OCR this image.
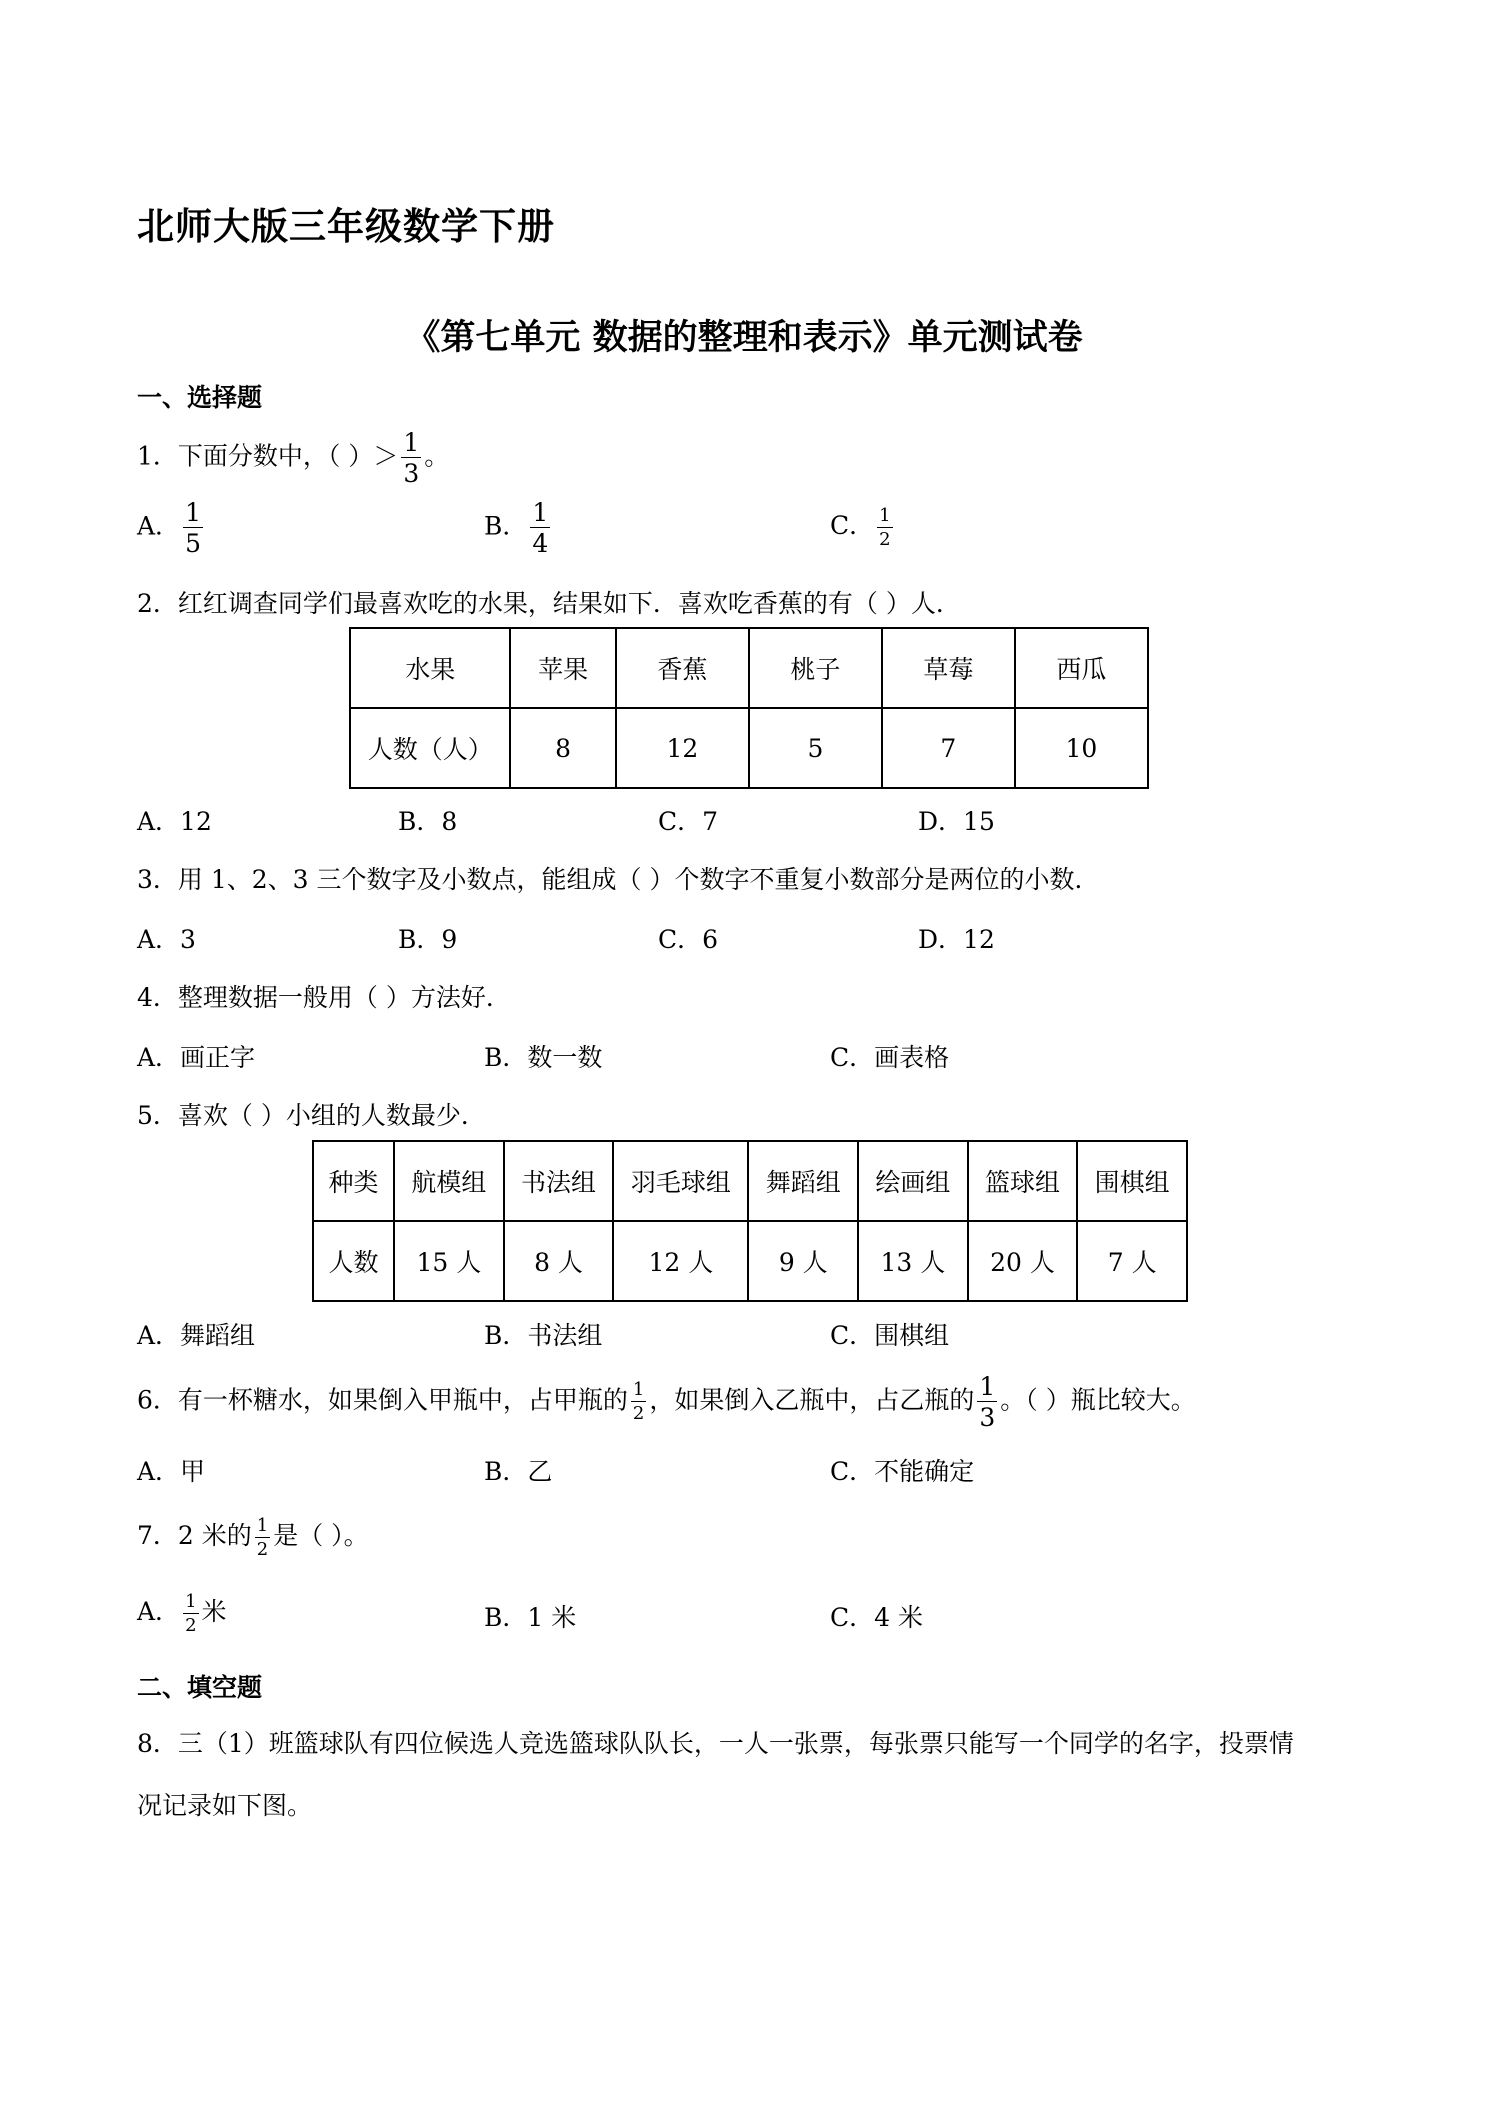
北师大版三年级数学下册
《第七单元 数据的整理和表示》单元测试卷
一、选择题
1．下面分数中，（ ）＞ $\frac{1}{3}$ 。
A． $\frac{1}{5}$	B． $\frac{1}{4}$	C． $\frac{1}{2}$
2．红红调查同学们最喜欢吃的水果，结果如下．喜欢吃香蕉的有（ ）人．
水果	苹果	香蕉	桃子	草莓	西瓜
人数（人）	8	12	5	7	10
A．12	B．8	C．7	D．15
3．用 1、2、3 三个数字及小数点，能组成（ ）个数字不重复小数部分是两位的小数．
A．3	B．9	C．6	D．12
4．整理数据一般用（ ）方法好．
A．画正字	B．数一数	C．画表格
5．喜欢（ ）小组的人数最少．
种类	航模组	书法组	羽毛球组	舞蹈组	绘画组	篮球组	围棋组
人数	15 人	8 人	12 人	9 人	13 人	20 人	7 人
A．舞蹈组	B．书法组	C．围棋组
6．有一杯糖水，如果倒入甲瓶中，占甲瓶的 $\frac{1}{2}$ ，如果倒入乙瓶中，占乙瓶的 $\frac{1}{3}$ 。（ ）瓶比较大。
A．甲	B．乙	C．不能确定
7．2 米的 $\frac{1}{2}$ 是（ ）。
A． $\frac{1}{2}$ 米	B．1 米	C．4 米
二、填空题
8．三（1）班篮球队有四位候选人竞选篮球队队长，一人一张票，每张票只能写一个同学的名字，投票情
况记录如下图。
